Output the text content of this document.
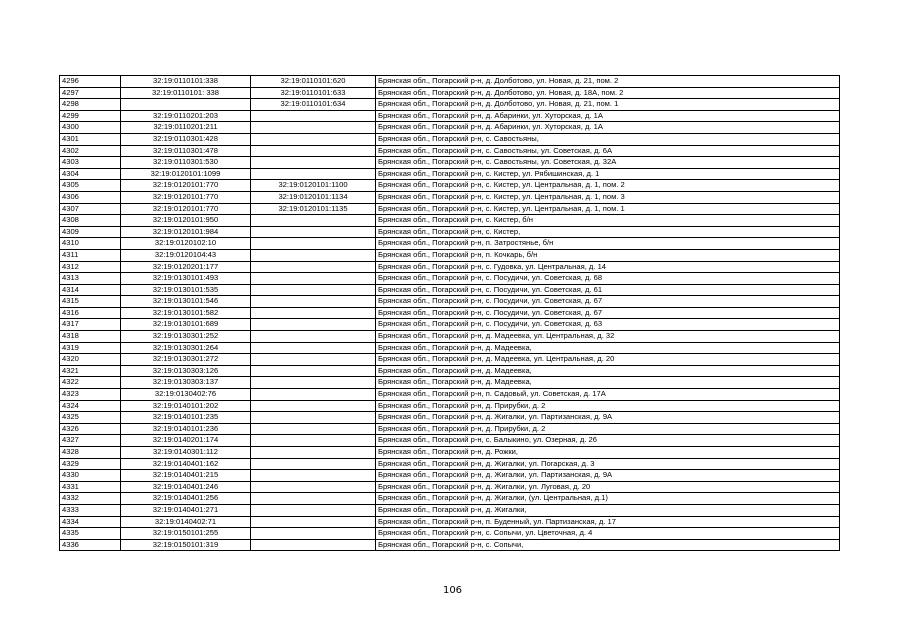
4296	32:19:0110101:338	32:19:0110101:620	Брянская обл., Погарский р-н, д. Долботово, ул. Новая, д. 21, пом. 2
4297	32:19:0110101: 338	32:19:0110101:633	Брянская обл., Погарский р-н, д. Долботово, ул. Новая, д. 18А, пом. 2
4298		32:19:0110101:634	Брянская обл., Погарский р-н, д. Долботово, ул. Новая, д. 21, пом. 1
4299	32:19:0110201:203		Брянская обл., Погарский р-н, д. Абаринки, ул. Хуторская, д. 1А
4300	32:19:0110201:211		Брянская обл., Погарский р-н, д. Абаринки, ул. Хуторская, д. 1А
4301	32:19:0110301:428		Брянская обл., Погарский р-н, с. Савостьяны,
4302	32:19:0110301:478		Брянская обл., Погарский р-н, с. Савостьяны, ул. Советская, д. 6А
4303	32:19:0110301:530		Брянская обл., Погарский р-н, с. Савостьяны, ул. Советская, д. 32А
4304	32:19:0120101:1099		Брянская обл., Погарский р-н, с. Кистер, ул. Рябишинская, д. 1
4305	32:19:0120101:770	32:19:0120101:1100	Брянская обл., Погарский р-н, с. Кистер, ул. Центральная, д. 1, пом. 2
4306	32:19:0120101:770	32:19:0120101:1134	Брянская обл., Погарский р-н, с. Кистер, ул. Центральная, д. 1, пом. 3
4307	32:19:0120101:770	32:19:0120101:1135	Брянская обл., Погарский р-н, с. Кистер, ул. Центральная, д. 1, пом. 1
4308	32:19:0120101:950		Брянская обл., Погарский р-н, с. Кистер, б/н
4309	32:19:0120101:984		Брянская обл., Погарский р-н, с. Кистер,
4310	32:19:0120102:10		Брянская обл., Погарский р-н, п. Затростянье, б/н
4311	32:19:0120104:43		Брянская обл., Погарский р-н, п. Кочкарь, б/н
4312	32:19:0120201:177		Брянская обл., Погарский р-н, с. Гудовка, ул. Центральная, д. 14
4313	32:19:0130101:493		Брянская обл., Погарский р-н, с. Посудичи, ул. Советская, д. 68
4314	32:19:0130101:535		Брянская обл., Погарский р-н, с. Посудичи, ул. Советская, д. 61
4315	32:19:0130101:546		Брянская обл., Погарский р-н, с. Посудичи, ул. Советская, д. 67
4316	32:19:0130101:582		Брянская обл., Погарский р-н, с. Посудичи, ул. Советская, д. 67
4317	32:19:0130101:689		Брянская обл., Погарский р-н, с. Посудичи, ул. Советская, д. 63
4318	32:19:0130301:252		Брянская обл., Погарский р-н, д. Мадеевка, ул. Центральная, д. 32
4319	32:19:0130301:264		Брянская обл., Погарский р-н, д. Мадеевка,
4320	32:19:0130301:272		Брянская обл., Погарский р-н, д. Мадеевка, ул. Центральная, д. 20
4321	32:19:0130303:126		Брянская обл., Погарский р-н, д. Мадеевка,
4322	32:19:0130303:137		Брянская обл., Погарский р-н, д. Мадеевка,
4323	32:19:0130402:76		Брянская обл., Погарский р-н, п. Садовый, ул. Советская, д. 17А
4324	32:19:0140101:202		Брянская обл., Погарский р-н, д. Прирубки, д. 2
4325	32:19:0140101:235		Брянская обл., Погарский р-н, д. Жигалки, ул. Партизанская, д. 9А
4326	32:19:0140101:236		Брянская обл., Погарский р-н, д. Прирубки, д. 2
4327	32:19:0140201:174		Брянская обл., Погарский р-н, с. Балыкино, ул. Озерная, д. 26
4328	32:19:0140301:112		Брянская обл., Погарский р-н, д. Рожки,
4329	32:19:0140401:162		Брянская обл., Погарский р-н, д. Жигалки, ул. Погарская, д. 3
4330	32:19:0140401:215		Брянская обл., Погарский р-н, д. Жигалки, ул. Партизанская, д. 9А
4331	32:19:0140401:246		Брянская обл., Погарский р-н, д. Жигалки, ул. Луговая, д. 20
4332	32:19:0140401:256		Брянская обл., Погарский р-н, д. Жигалки, (ул. Центральная, д.1)
4333	32:19:0140401:271		Брянская обл., Погарский р-н, д. Жигалки,
4334	32:19:0140402:71		Брянская обл., Погарский р-н, п. Буденный, ул. Партизанская, д. 17
4335	32:19:0150101:255		Брянская обл., Погарский р-н, с. Сопычи, ул. Цветочная, д. 4
4336	32:19:0150101:319		Брянская обл., Погарский р-н, с. Сопычи,
106
